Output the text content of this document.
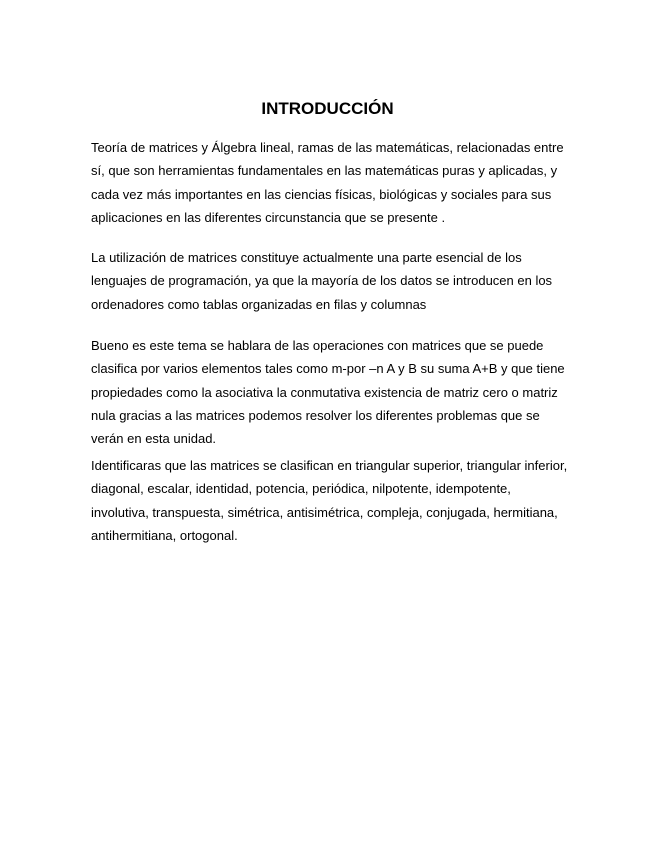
INTRODUCCIÓN

Teoría de matrices y Álgebra lineal, ramas de las matemáticas, relacionadas entre
sí, que son herramientas fundamentales en las matemáticas puras y aplicadas, y
cada vez más importantes en las ciencias físicas, biológicas y sociales para sus
aplicaciones en las diferentes circunstancia que se presente .

La utilización de matrices constituye actualmente una parte esencial de los
lenguajes de programación, ya que la mayoría de los datos se introducen en los
ordenadores como tablas organizadas en filas y columnas

Bueno es este tema se hablara de las operaciones con matrices que se puede
clasifica por varios elementos tales como m-por –n A y B su suma A+B y que tiene
propiedades como la asociativa la conmutativa existencia de matriz cero o matriz
nula gracias a las matrices podemos resolver los diferentes problemas que se
verán en esta unidad.

Identificaras que las matrices se clasifican en triangular superior, triangular inferior,
diagonal, escalar, identidad, potencia, periódica, nilpotente, idempotente,
involutiva, transpuesta, simétrica, antisimétrica, compleja, conjugada, hermitiana,
antihermitiana, ortogonal.
